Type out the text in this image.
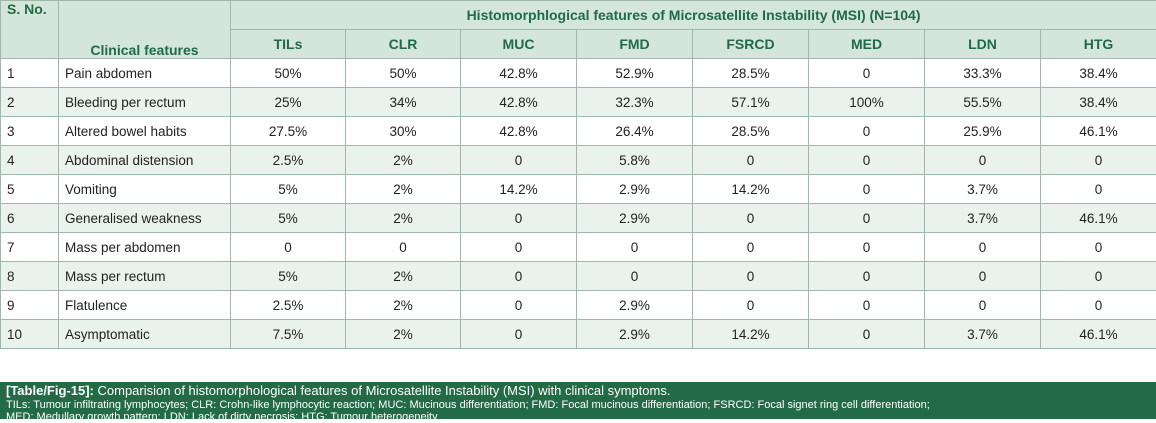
S. No.	Clinical features	Histomorphlogical features of Microsatellite Instability (MSI) (N=104)							
		TILs	CLR	MUC	FMD	FSRCD	MED	LDN	HTG
1	Pain abdomen	50%	50%	42.8%	52.9%	28.5%	0	33.3%	38.4%
2	Bleeding per rectum	25%	34%	42.8%	32.3%	57.1%	100%	55.5%	38.4%
3	Altered bowel habits	27.5%	30%	42.8%	26.4%	28.5%	0	25.9%	46.1%
4	Abdominal distension	2.5%	2%	0	5.8%	0	0	0	0
5	Vomiting	5%	2%	14.2%	2.9%	14.2%	0	3.7%	0
6	Generalised weakness	5%	2%	0	2.9%	0	0	3.7%	46.1%
7	Mass per abdomen	0	0	0	0	0	0	0	0
8	Mass per rectum	5%	2%	0	0	0	0	0	0
9	Flatulence	2.5%	2%	0	2.9%	0	0	0	0
10	Asymptomatic	7.5%	2%	0	2.9%	14.2%	0	3.7%	46.1%
[Table/Fig-15]: Comparision of histomorphological features of Microsatellite Instability (MSI) with clinical symptoms.
TILs: Tumour infiltrating lymphocytes; CLR: Crohn-like lymphocytic reaction; MUC: Mucinous differentiation; FMD: Focal mucinous differentiation; FSRCD: Focal signet ring cell differentiation;
MED: Medullary growth pattern; LDN: Lack of dirty necrosis; HTG: Tumour heterogeneity
